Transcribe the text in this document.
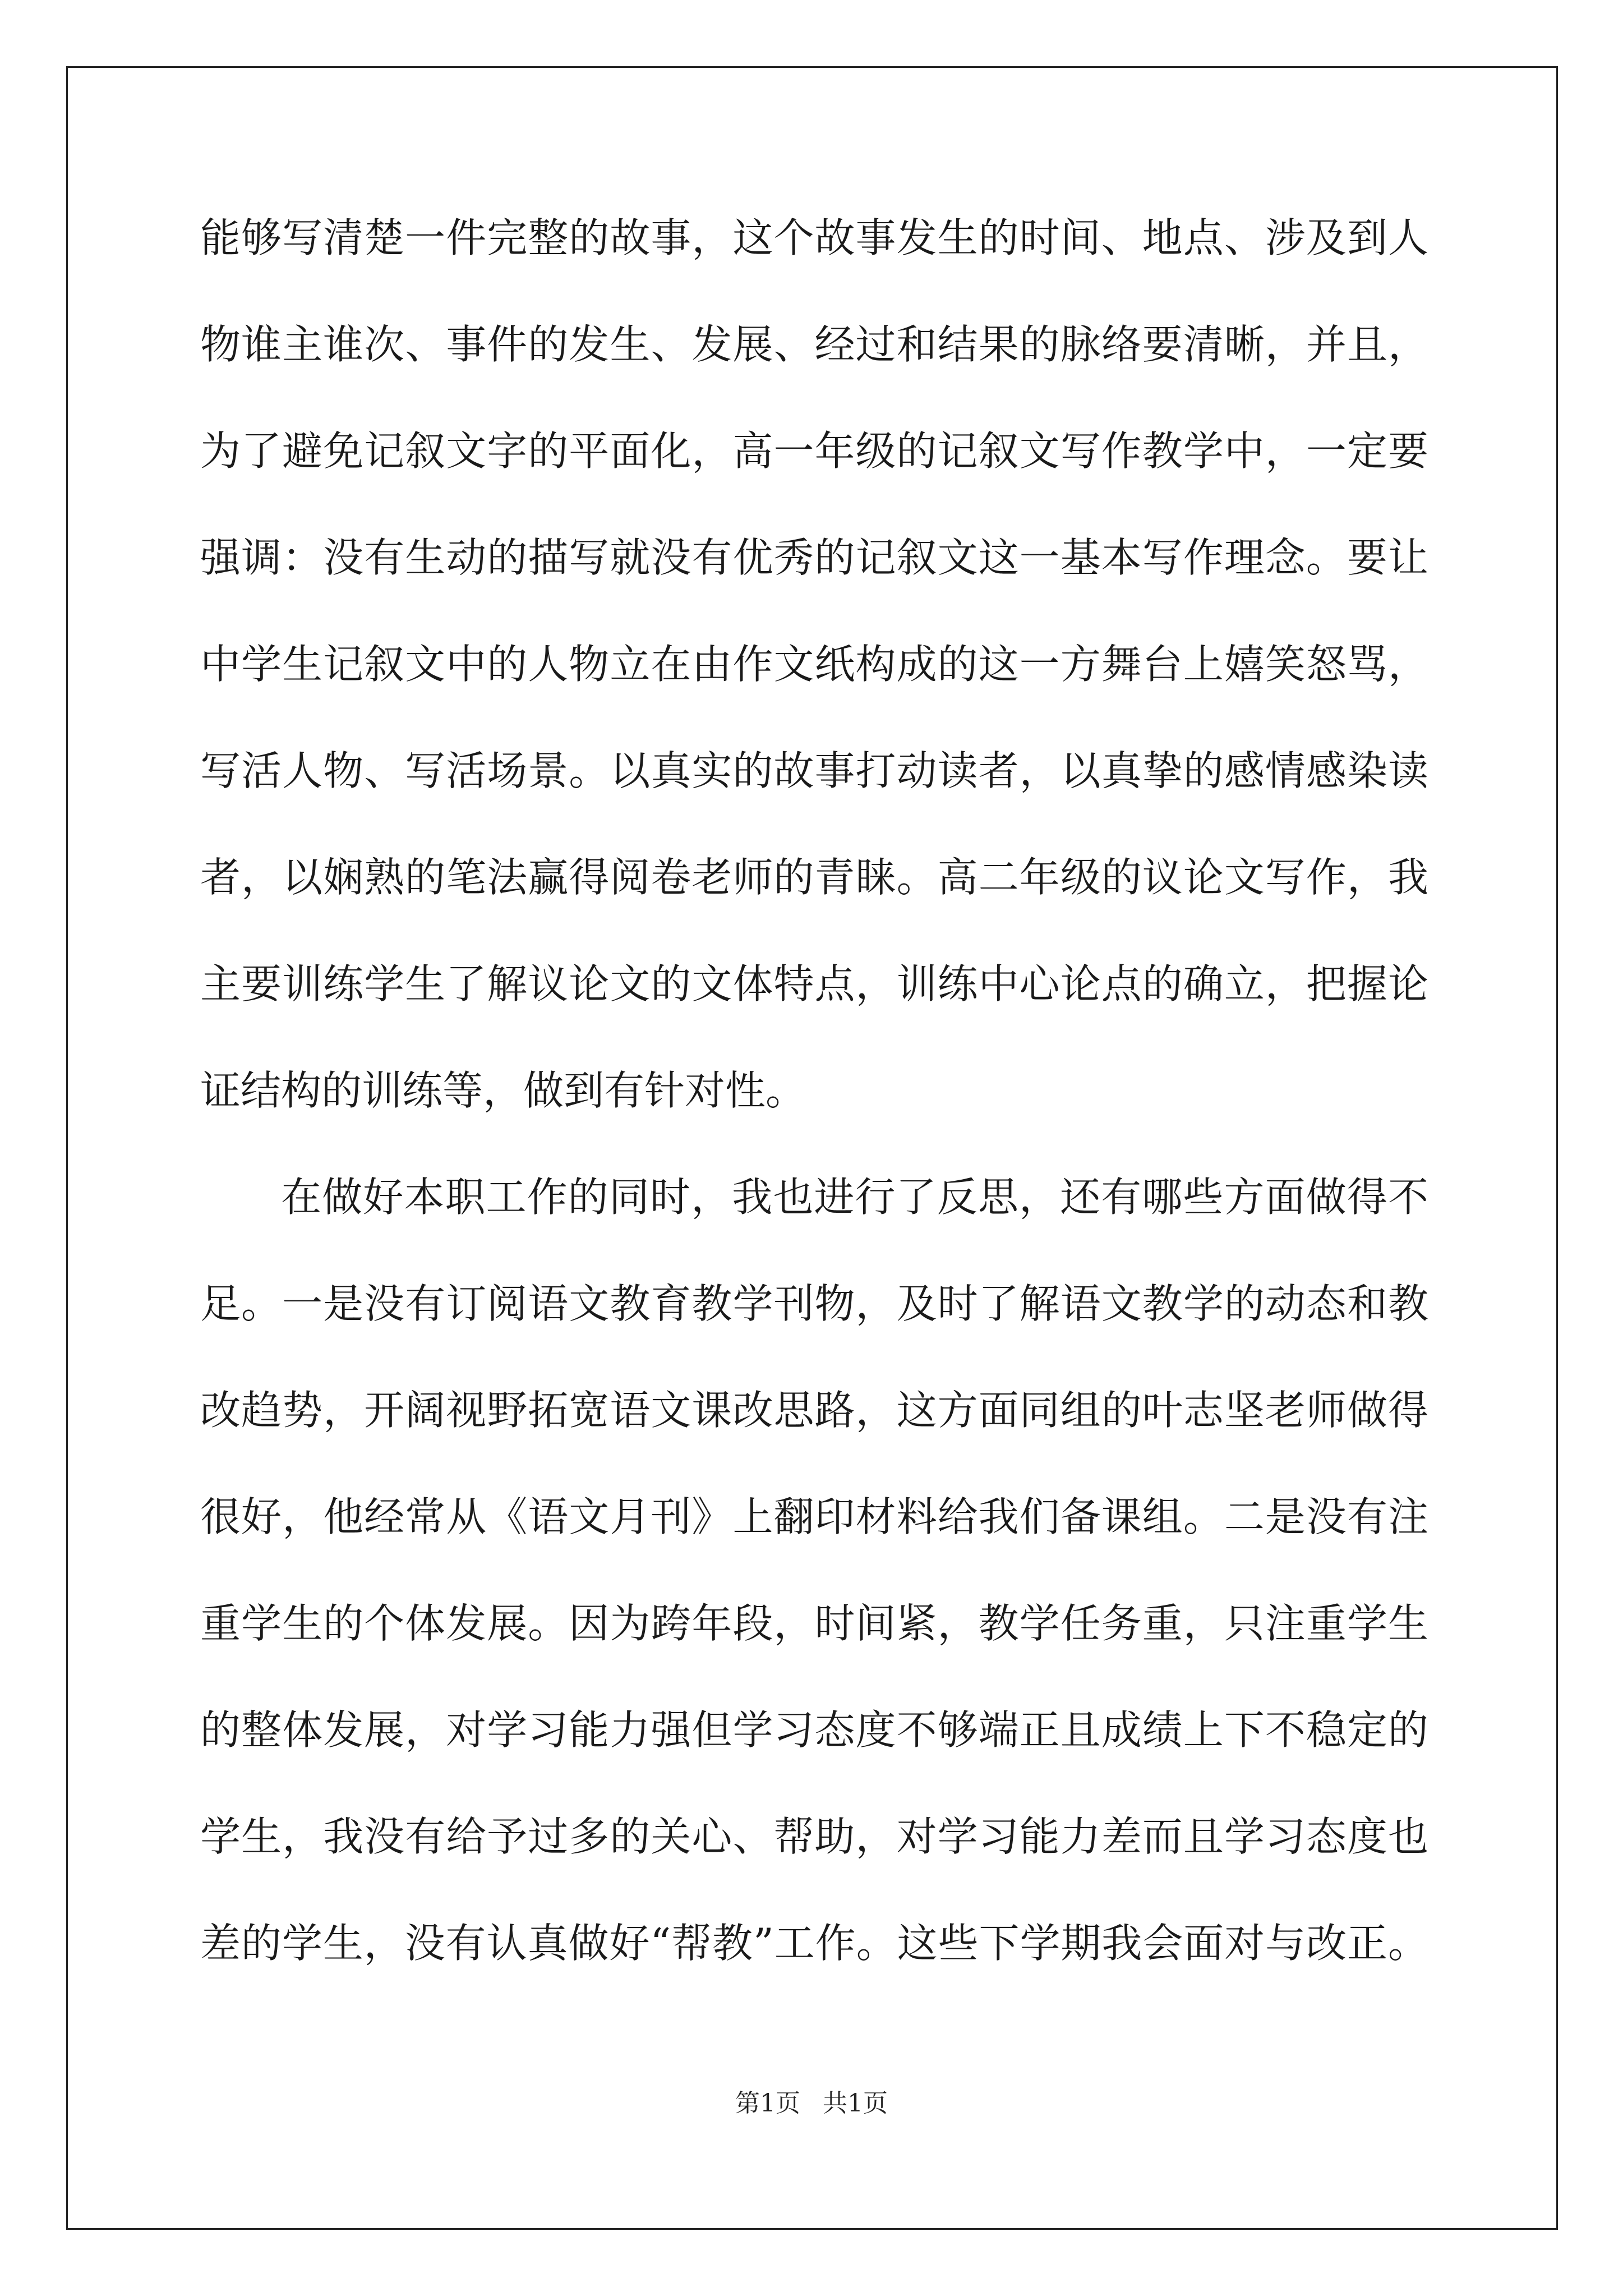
能够写清楚一件完整的故事，这个故事发生的时间、地点、涉及到人
物谁主谁次、事件的发生、发展、经过和结果的脉络要清晰，并且，
为了避免记叙文字的平面化，高一年级的记叙文写作教学中，一定要
强调：没有生动的描写就没有优秀的记叙文这一基本写作理念。要让
中学生记叙文中的人物立在由作文纸构成的这一方舞台上嬉笑怒骂，
写活人物、写活场景。以真实的故事打动读者，以真挚的感情感染读
者，以娴熟的笔法赢得阅卷老师的青睐。高二年级的议论文写作，我
主要训练学生了解议论文的文体特点，训练中心论点的确立，把握论
证结构的训练等，做到有针对性。
在做好本职工作的同时，我也进行了反思，还有哪些方面做得不
足。一是没有订阅语文教育教学刊物，及时了解语文教学的动态和教
改趋势，开阔视野拓宽语文课改思路，这方面同组的叶志坚老师做得
很好，他经常从《语文月刊》上翻印材料给我们备课组。二是没有注
重学生的个体发展。因为跨年段，时间紧，教学任务重，只注重学生
的整体发展，对学习能力强但学习态度不够端正且成绩上下不稳定的
学生，我没有给予过多的关心、帮助，对学习能力差而且学习态度也
差的学生，没有认真做好“帮教”工作。这些下学期我会面对与改正。
第1页 共1页
